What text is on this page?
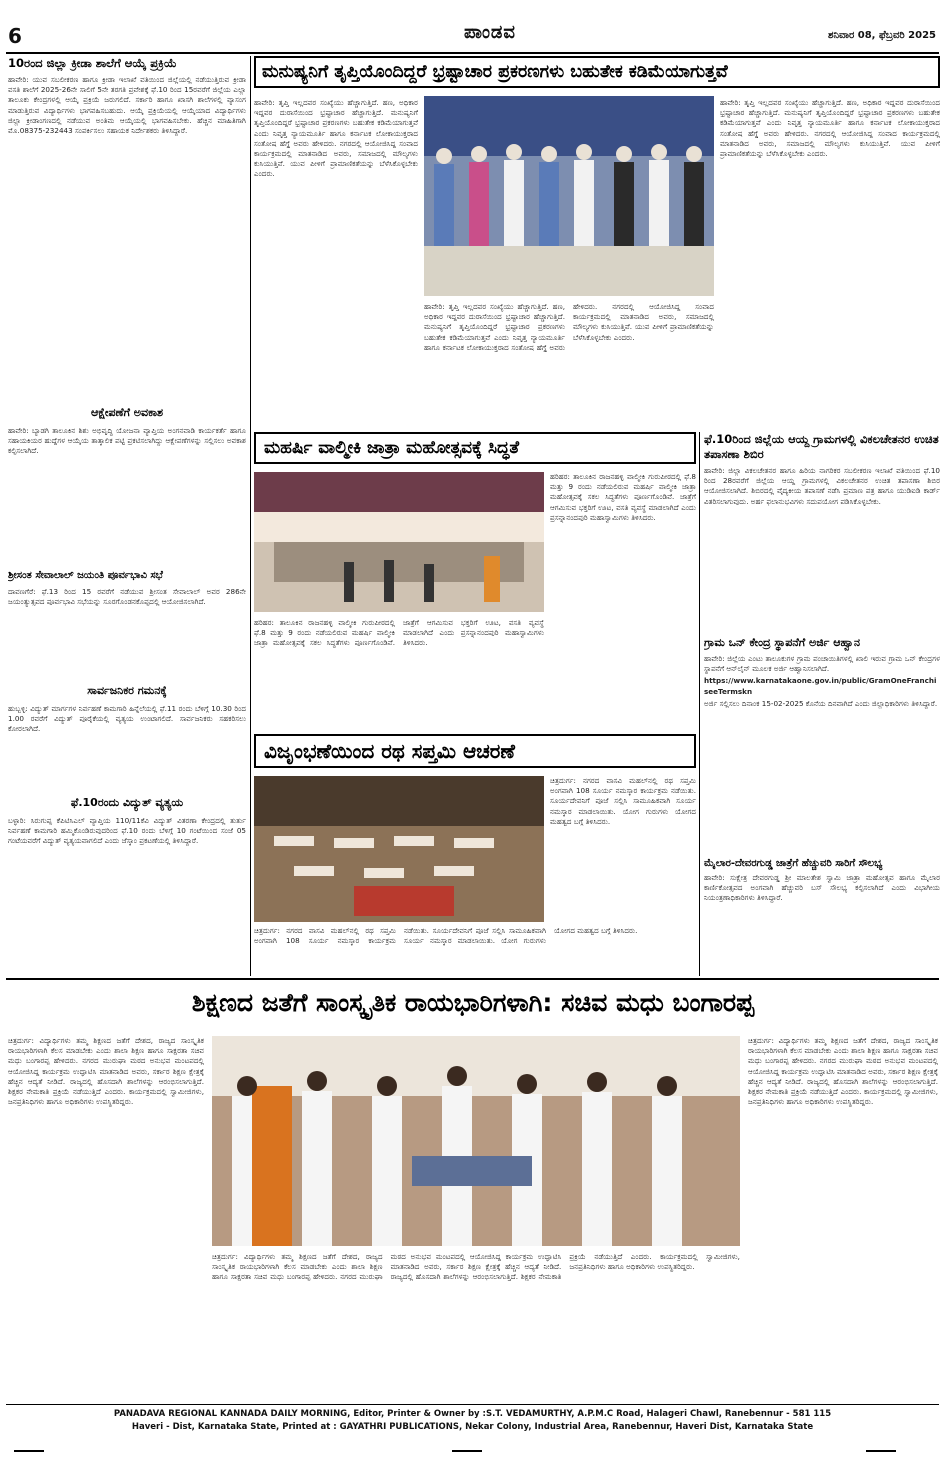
6	ಪಾಂಡವ	ಶನಿವಾರ 08, ಫೆಬ್ರವರಿ 2025
10ರಂದ ಜಿಲ್ಲಾ ಕ್ರೀಡಾ ಶಾಲೆಗೆ ಆಯ್ಕೆ ಪ್ರಕ್ರಿಯೆ
ಹಾವೇರಿ: ಯುವ ಸಬಲೀಕರಣ ಹಾಗೂ ಕ್ರೀಡಾ ಇಲಾಖೆ ವತಿಯಿಂದ ಜಿಲ್ಲೆಯಲ್ಲಿ ನಡೆಯುತ್ತಿರುವ ಕ್ರೀಡಾ ವಸತಿ ಶಾಲೆಗೆ 2025-26ನೇ ಸಾಲಿಗೆ 5ನೇ ತರಗತಿ ಪ್ರವೇಶಕ್ಕೆ ಫೆ.10 ರಿಂದ 15ರವರೆಗೆ ಜಿಲ್ಲೆಯ ಎಲ್ಲಾ ತಾಲೂಕು ಕೇಂದ್ರಗಳಲ್ಲಿ ಆಯ್ಕೆ ಪ್ರಕ್ರಿಯೆ ಜರುಗಲಿದೆ. ಸರ್ಕಾರಿ ಹಾಗೂ ಖಾಸಗಿ ಶಾಲೆಗಳಲ್ಲಿ ವ್ಯಾಸಂಗ ಮಾಡುತ್ತಿರುವ ವಿದ್ಯಾರ್ಥಿಗಳು ಭಾಗವಹಿಸಬಹುದು. ಆಯ್ಕೆ ಪ್ರಕ್ರಿಯೆಯಲ್ಲಿ ಆಯ್ಕೆಯಾದ ವಿದ್ಯಾರ್ಥಿಗಳು ಜಿಲ್ಲಾ ಕ್ರೀಡಾಂಗಣದಲ್ಲಿ ನಡೆಯುವ ಅಂತಿಮ ಆಯ್ಕೆಯಲ್ಲಿ ಭಾಗವಹಿಸಬೇಕು. ಹೆಚ್ಚಿನ ಮಾಹಿತಿಗಾಗಿ ಮೊ.08375-232443 ಸಂಪರ್ಕಿಸಲು ಸಹಾಯಕ ನಿರ್ದೇಶಕರು ತಿಳಿಸಿದ್ದಾರೆ.
ಆಕ್ಷೇಪಣೆಗೆ ಅವಕಾಶ
ಹಾವೇರಿ: ಬ್ಯಾಡಗಿ ತಾಲೂಕಿನ ಶಿಶು ಅಭಿವೃದ್ಧಿ ಯೋಜನಾ ವ್ಯಾಪ್ತಿಯ ಅಂಗನವಾಡಿ ಕಾರ್ಯಕರ್ತೆ ಹಾಗೂ ಸಹಾಯಕಿಯರ ಹುದ್ದೆಗಳ ಆಯ್ಕೆಯ ತಾತ್ಕಾಲಿಕ ಪಟ್ಟಿ ಪ್ರಕಟಿಸಲಾಗಿದ್ದು ಆಕ್ಷೇಪಣೆಗಳನ್ನು ಸಲ್ಲಿಸಲು ಅವಕಾಶ ಕಲ್ಪಿಸಲಾಗಿದೆ.
ಶ್ರೀಸಂತ ಸೇವಾಲಾಲ್ ಜಯಂತಿ ಪೂರ್ವಭಾವಿ ಸಭೆ
ದಾವಣಗೆರೆ: ಫೆ.13 ರಿಂದ 15 ರವರೆಗೆ ನಡೆಯುವ ಶ್ರೀಸಂತ ಸೇವಾಲಾಲ್ ಅವರ 286ನೇ ಜಯಂತ್ಯುತ್ಸವದ ಪೂರ್ವಭಾವಿ ಸಭೆಯನ್ನು ಸೂರಗೊಂಡನಕೊಪ್ಪದಲ್ಲಿ ಆಯೋಜಿಸಲಾಗಿದೆ.
ಸಾರ್ವಜನಿಕರ ಗಮನಕ್ಕೆ
ಹುಬ್ಬಳ್ಳಿ: ವಿದ್ಯುತ್ ಮಾರ್ಗಗಳ ನಿರ್ವಹಣೆ ಕಾಮಗಾರಿ ಹಿನ್ನೆಲೆಯಲ್ಲಿ ಫೆ.11 ರಂದು ಬೆಳಿಗ್ಗೆ 10.30 ರಿಂದ 1.00 ರವರೆಗೆ ವಿದ್ಯುತ್ ಪೂರೈಕೆಯಲ್ಲಿ ವ್ಯತ್ಯಯ ಉಂಟಾಗಲಿದೆ. ಸಾರ್ವಜನಿಕರು ಸಹಕರಿಸಲು ಕೋರಲಾಗಿದೆ.
ಫೆ.10ರಂದು ವಿದ್ಯುತ್ ವ್ಯತ್ಯಯ
ಬಳ್ಳಾರಿ: ಸಿರುಗುಪ್ಪ ಕೆಪಿಟಿಸಿಎಲ್ ವ್ಯಾಪ್ತಿಯ 110/11ಕೆವಿ ವಿದ್ಯುತ್ ವಿತರಣಾ ಕೇಂದ್ರದಲ್ಲಿ ತುರ್ತು ನಿರ್ವಹಣೆ ಕಾಮಗಾರಿ ಹಮ್ಮಿಕೊಂಡಿರುವುದರಿಂದ ಫೆ.10 ರಂದು ಬೆಳಿಗ್ಗೆ 10 ಗಂಟೆಯಿಂದ ಸಂಜೆ 05 ಗಂಟೆಯವರೆಗೆ ವಿದ್ಯುತ್ ವ್ಯತ್ಯಯವಾಗಲಿದೆ ಎಂದು ಜೆಸ್ಕಾಂ ಪ್ರಕಟಣೆಯಲ್ಲಿ ತಿಳಿಸಿದ್ದಾರೆ.
ಮನುಷ್ಯನಿಗೆ ತೃಪ್ತಿಯೊಂದಿದ್ದರೆ ಭ್ರಷ್ಟಾಚಾರ ಪ್ರಕರಣಗಳು ಬಹುತೇಕ ಕಡಿಮೆಯಾಗುತ್ತವೆ
ಹಾವೇರಿ: ತೃಪ್ತಿ ಇಲ್ಲದವರ ಸಂಖ್ಯೆಯು ಹೆಚ್ಚಾಗುತ್ತಿದೆ. ಹಣ, ಅಧಿಕಾರ ಇದ್ದವರ ದುರಾಸೆಯಿಂದ ಭ್ರಷ್ಟಾಚಾರ ಹೆಚ್ಚಾಗುತ್ತಿದೆ. ಮನುಷ್ಯನಿಗೆ ತೃಪ್ತಿಯೊಂದಿದ್ದರೆ ಭ್ರಷ್ಟಾಚಾರ ಪ್ರಕರಣಗಳು ಬಹುತೇಕ ಕಡಿಮೆಯಾಗುತ್ತವೆ ಎಂದು ನಿವೃತ್ತ ನ್ಯಾಯಮೂರ್ತಿ ಹಾಗೂ ಕರ್ನಾಟಕ ಲೋಕಾಯುಕ್ತರಾದ ಸಂತೋಷ ಹೆಗ್ಡೆ ಅವರು ಹೇಳಿದರು. ನಗರದಲ್ಲಿ ಆಯೋಜಿಸಿದ್ದ ಸಂವಾದ ಕಾರ್ಯಕ್ರಮದಲ್ಲಿ ಮಾತನಾಡಿದ ಅವರು, ಸಮಾಜದಲ್ಲಿ ಮೌಲ್ಯಗಳು ಕುಸಿಯುತ್ತಿವೆ. ಯುವ ಪೀಳಿಗೆ ಪ್ರಾಮಾಣಿಕತೆಯನ್ನು ಬೆಳೆಸಿಕೊಳ್ಳಬೇಕು ಎಂದರು.
ಹಾವೇರಿ: ತೃಪ್ತಿ ಇಲ್ಲದವರ ಸಂಖ್ಯೆಯು ಹೆಚ್ಚಾಗುತ್ತಿದೆ. ಹಣ, ಅಧಿಕಾರ ಇದ್ದವರ ದುರಾಸೆಯಿಂದ ಭ್ರಷ್ಟಾಚಾರ ಹೆಚ್ಚಾಗುತ್ತಿದೆ. ಮನುಷ್ಯನಿಗೆ ತೃಪ್ತಿಯೊಂದಿದ್ದರೆ ಭ್ರಷ್ಟಾಚಾರ ಪ್ರಕರಣಗಳು ಬಹುತೇಕ ಕಡಿಮೆಯಾಗುತ್ತವೆ ಎಂದು ನಿವೃತ್ತ ನ್ಯಾಯಮೂರ್ತಿ ಹಾಗೂ ಕರ್ನಾಟಕ ಲೋಕಾಯುಕ್ತರಾದ ಸಂತೋಷ ಹೆಗ್ಡೆ ಅವರು ಹೇಳಿದರು. ನಗರದಲ್ಲಿ ಆಯೋಜಿಸಿದ್ದ ಸಂವಾದ ಕಾರ್ಯಕ್ರಮದಲ್ಲಿ ಮಾತನಾಡಿದ ಅವರು, ಸಮಾಜದಲ್ಲಿ ಮೌಲ್ಯಗಳು ಕುಸಿಯುತ್ತಿವೆ. ಯುವ ಪೀಳಿಗೆ ಪ್ರಾಮಾಣಿಕತೆಯನ್ನು ಬೆಳೆಸಿಕೊಳ್ಳಬೇಕು ಎಂದರು.
ಹಾವೇರಿ: ತೃಪ್ತಿ ಇಲ್ಲದವರ ಸಂಖ್ಯೆಯು ಹೆಚ್ಚಾಗುತ್ತಿದೆ. ಹಣ, ಅಧಿಕಾರ ಇದ್ದವರ ದುರಾಸೆಯಿಂದ ಭ್ರಷ್ಟಾಚಾರ ಹೆಚ್ಚಾಗುತ್ತಿದೆ. ಮನುಷ್ಯನಿಗೆ ತೃಪ್ತಿಯೊಂದಿದ್ದರೆ ಭ್ರಷ್ಟಾಚಾರ ಪ್ರಕರಣಗಳು ಬಹುತೇಕ ಕಡಿಮೆಯಾಗುತ್ತವೆ ಎಂದು ನಿವೃತ್ತ ನ್ಯಾಯಮೂರ್ತಿ ಹಾಗೂ ಕರ್ನಾಟಕ ಲೋಕಾಯುಕ್ತರಾದ ಸಂತೋಷ ಹೆಗ್ಡೆ ಅವರು ಹೇಳಿದರು. ನಗರದಲ್ಲಿ ಆಯೋಜಿಸಿದ್ದ ಸಂವಾದ ಕಾರ್ಯಕ್ರಮದಲ್ಲಿ ಮಾತನಾಡಿದ ಅವರು, ಸಮಾಜದಲ್ಲಿ ಮೌಲ್ಯಗಳು ಕುಸಿಯುತ್ತಿವೆ. ಯುವ ಪೀಳಿಗೆ ಪ್ರಾಮಾಣಿಕತೆಯನ್ನು ಬೆಳೆಸಿಕೊಳ್ಳಬೇಕು ಎಂದರು.
ಮಹರ್ಷಿ ವಾಲ್ಮೀಕಿ ಜಾತ್ರಾ ಮಹೋತ್ಸವಕ್ಕೆ ಸಿದ್ಧತೆ
ಹರಿಹರ: ತಾಲೂಕಿನ ರಾಜನಹಳ್ಳಿ ವಾಲ್ಮೀಕಿ ಗುರುಪೀಠದಲ್ಲಿ ಫೆ.8 ಮತ್ತು 9 ರಂದು ನಡೆಯಲಿರುವ ಮಹರ್ಷಿ ವಾಲ್ಮೀಕಿ ಜಾತ್ರಾ ಮಹೋತ್ಸವಕ್ಕೆ ಸಕಲ ಸಿದ್ಧತೆಗಳು ಪೂರ್ಣಗೊಂಡಿವೆ. ಜಾತ್ರೆಗೆ ಆಗಮಿಸುವ ಭಕ್ತರಿಗೆ ಊಟ, ವಸತಿ ವ್ಯವಸ್ಥೆ ಮಾಡಲಾಗಿದೆ ಎಂದು ಪ್ರಸನ್ನಾನಂದಪುರಿ ಮಹಾಸ್ವಾಮಿಗಳು ತಿಳಿಸಿದರು.
ಹರಿಹರ: ತಾಲೂಕಿನ ರಾಜನಹಳ್ಳಿ ವಾಲ್ಮೀಕಿ ಗುರುಪೀಠದಲ್ಲಿ ಫೆ.8 ಮತ್ತು 9 ರಂದು ನಡೆಯಲಿರುವ ಮಹರ್ಷಿ ವಾಲ್ಮೀಕಿ ಜಾತ್ರಾ ಮಹೋತ್ಸವಕ್ಕೆ ಸಕಲ ಸಿದ್ಧತೆಗಳು ಪೂರ್ಣಗೊಂಡಿವೆ. ಜಾತ್ರೆಗೆ ಆಗಮಿಸುವ ಭಕ್ತರಿಗೆ ಊಟ, ವಸತಿ ವ್ಯವಸ್ಥೆ ಮಾಡಲಾಗಿದೆ ಎಂದು ಪ್ರಸನ್ನಾನಂದಪುರಿ ಮಹಾಸ್ವಾಮಿಗಳು ತಿಳಿಸಿದರು.
ವಿಜೃಂಭಣೆಯಿಂದ ರಥ ಸಪ್ತಮಿ ಆಚರಣೆ
ಚಿತ್ರದುರ್ಗ: ನಗರದ ವಾಸವಿ ಮಹಲ್‌ನಲ್ಲಿ ರಥ ಸಪ್ತಮಿ ಅಂಗವಾಗಿ 108 ಸೂರ್ಯ ನಮಸ್ಕಾರ ಕಾರ್ಯಕ್ರಮ ನಡೆಯಿತು. ಸೂರ್ಯದೇವನಿಗೆ ಪೂಜೆ ಸಲ್ಲಿಸಿ ಸಾಮೂಹಿಕವಾಗಿ ಸೂರ್ಯ ನಮಸ್ಕಾರ ಮಾಡಲಾಯಿತು. ಯೋಗ ಗುರುಗಳು ಯೋಗದ ಮಹತ್ವದ ಬಗ್ಗೆ ತಿಳಿಸಿದರು.
ಚಿತ್ರದುರ್ಗ: ನಗರದ ವಾಸವಿ ಮಹಲ್‌ನಲ್ಲಿ ರಥ ಸಪ್ತಮಿ ಅಂಗವಾಗಿ 108 ಸೂರ್ಯ ನಮಸ್ಕಾರ ಕಾರ್ಯಕ್ರಮ ನಡೆಯಿತು. ಸೂರ್ಯದೇವನಿಗೆ ಪೂಜೆ ಸಲ್ಲಿಸಿ ಸಾಮೂಹಿಕವಾಗಿ ಸೂರ್ಯ ನಮಸ್ಕಾರ ಮಾಡಲಾಯಿತು. ಯೋಗ ಗುರುಗಳು ಯೋಗದ ಮಹತ್ವದ ಬಗ್ಗೆ ತಿಳಿಸಿದರು.
ಫೆ.10ರಿಂದ ಜಿಲ್ಲೆಯ ಆಯ್ದ ಗ್ರಾಮಗಳಲ್ಲಿ ವಿಕಲಚೇತನರ ಉಚಿತ ತಪಾಸಣಾ ಶಿಬಿರ
ಹಾವೇರಿ: ಜಿಲ್ಲಾ ವಿಕಲಚೇತನರ ಹಾಗೂ ಹಿರಿಯ ನಾಗರಿಕರ ಸಬಲೀಕರಣ ಇಲಾಖೆ ವತಿಯಿಂದ ಫೆ.10 ರಿಂದ 28ರವರೆಗೆ ಜಿಲ್ಲೆಯ ಆಯ್ದ ಗ್ರಾಮಗಳಲ್ಲಿ ವಿಕಲಚೇತನರ ಉಚಿತ ತಪಾಸಣಾ ಶಿಬಿರ ಆಯೋಜಿಸಲಾಗಿದೆ. ಶಿಬಿರದಲ್ಲಿ ವೈದ್ಯಕೀಯ ತಪಾಸಣೆ ನಡೆಸಿ ಪ್ರಮಾಣ ಪತ್ರ ಹಾಗೂ ಯುಡಿಐಡಿ ಕಾರ್ಡ್ ವಿತರಿಸಲಾಗುವುದು. ಅರ್ಹ ಫಲಾನುಭವಿಗಳು ಸದುಪಯೋಗ ಪಡಿಸಿಕೊಳ್ಳಬೇಕು.
ಗ್ರಾಮ ಒನ್ ಕೇಂದ್ರ ಸ್ಥಾಪನೆಗೆ ಅರ್ಜಿ ಆಹ್ವಾನ
ಹಾವೇರಿ: ಜಿಲ್ಲೆಯ ಎಂಟು ತಾಲೂಕುಗಳ ಗ್ರಾಮ ಪಂಚಾಯಿತಿಗಳಲ್ಲಿ ಖಾಲಿ ಇರುವ ಗ್ರಾಮ ಒನ್ ಕೇಂದ್ರಗಳ ಸ್ಥಾಪನೆಗೆ ಆನ್‌ಲೈನ್ ಮೂಲಕ ಅರ್ಜಿ ಆಹ್ವಾನಿಸಲಾಗಿದೆ.
https://www.karnatakaone.gov.in/public/GramOneFranchiseeTermskn
ಅರ್ಜಿ ಸಲ್ಲಿಸಲು ದಿನಾಂಕ 15-02-2025 ಕೊನೆಯ ದಿನವಾಗಿದೆ ಎಂದು ಜಿಲ್ಲಾಧಿಕಾರಿಗಳು ತಿಳಿಸಿದ್ದಾರೆ.
ಮೈಲಾರ-ದೇವರಗುಡ್ಡ ಜಾತ್ರೆಗೆ ಹೆಚ್ಚುವರಿ ಸಾರಿಗೆ ಸೌಲಭ್ಯ
ಹಾವೇರಿ: ಸುಕ್ಷೇತ್ರ ದೇವರಗುಡ್ಡ ಶ್ರೀ ಮಾಲತೇಶ ಸ್ವಾಮಿ ಜಾತ್ರಾ ಮಹೋತ್ಸವ ಹಾಗೂ ಮೈಲಾರ ಕಾರ್ಣಿಕೋತ್ಸವದ ಅಂಗವಾಗಿ ಹೆಚ್ಚುವರಿ ಬಸ್ ಸೌಲಭ್ಯ ಕಲ್ಪಿಸಲಾಗಿದೆ ಎಂದು ವಿಭಾಗೀಯ ನಿಯಂತ್ರಣಾಧಿಕಾರಿಗಳು ತಿಳಿಸಿದ್ದಾರೆ.
ಶಿಕ್ಷಣದ ಜತೆಗೆ ಸಾಂಸ್ಕೃತಿಕ ರಾಯಭಾರಿಗಳಾಗಿ: ಸಚಿವ ಮಧು ಬಂಗಾರಪ್ಪ
ಚಿತ್ರದುರ್ಗ: ವಿದ್ಯಾರ್ಥಿಗಳು ತಮ್ಮ ಶಿಕ್ಷಣದ ಜತೆಗೆ ದೇಶದ, ರಾಜ್ಯದ ಸಾಂಸ್ಕೃತಿಕ ರಾಯಭಾರಿಗಳಾಗಿ ಕೆಲಸ ಮಾಡಬೇಕು ಎಂದು ಶಾಲಾ ಶಿಕ್ಷಣ ಹಾಗೂ ಸಾಕ್ಷರತಾ ಸಚಿವ ಮಧು ಬಂಗಾರಪ್ಪ ಹೇಳಿದರು. ನಗರದ ಮುರುಘಾ ಮಠದ ಅನುಭವ ಮಂಟಪದಲ್ಲಿ ಆಯೋಜಿಸಿದ್ದ ಕಾರ್ಯಕ್ರಮ ಉದ್ಘಾಟಿಸಿ ಮಾತನಾಡಿದ ಅವರು, ಸರ್ಕಾರ ಶಿಕ್ಷಣ ಕ್ಷೇತ್ರಕ್ಕೆ ಹೆಚ್ಚಿನ ಆದ್ಯತೆ ನೀಡಿದೆ. ರಾಜ್ಯದಲ್ಲಿ ಹೊಸದಾಗಿ ಶಾಲೆಗಳನ್ನು ಆರಂಭಿಸಲಾಗುತ್ತಿದೆ. ಶಿಕ್ಷಕರ ನೇಮಕಾತಿ ಪ್ರಕ್ರಿಯೆ ನಡೆಯುತ್ತಿದೆ ಎಂದರು. ಕಾರ್ಯಕ್ರಮದಲ್ಲಿ ಸ್ವಾಮೀಜಿಗಳು, ಜನಪ್ರತಿನಿಧಿಗಳು ಹಾಗೂ ಅಧಿಕಾರಿಗಳು ಉಪಸ್ಥಿತರಿದ್ದರು.
ಚಿತ್ರದುರ್ಗ: ವಿದ್ಯಾರ್ಥಿಗಳು ತಮ್ಮ ಶಿಕ್ಷಣದ ಜತೆಗೆ ದೇಶದ, ರಾಜ್ಯದ ಸಾಂಸ್ಕೃತಿಕ ರಾಯಭಾರಿಗಳಾಗಿ ಕೆಲಸ ಮಾಡಬೇಕು ಎಂದು ಶಾಲಾ ಶಿಕ್ಷಣ ಹಾಗೂ ಸಾಕ್ಷರತಾ ಸಚಿವ ಮಧು ಬಂಗಾರಪ್ಪ ಹೇಳಿದರು. ನಗರದ ಮುರುಘಾ ಮಠದ ಅನುಭವ ಮಂಟಪದಲ್ಲಿ ಆಯೋಜಿಸಿದ್ದ ಕಾರ್ಯಕ್ರಮ ಉದ್ಘಾಟಿಸಿ ಮಾತನಾಡಿದ ಅವರು, ಸರ್ಕಾರ ಶಿಕ್ಷಣ ಕ್ಷೇತ್ರಕ್ಕೆ ಹೆಚ್ಚಿನ ಆದ್ಯತೆ ನೀಡಿದೆ. ರಾಜ್ಯದಲ್ಲಿ ಹೊಸದಾಗಿ ಶಾಲೆಗಳನ್ನು ಆರಂಭಿಸಲಾಗುತ್ತಿದೆ. ಶಿಕ್ಷಕರ ನೇಮಕಾತಿ ಪ್ರಕ್ರಿಯೆ ನಡೆಯುತ್ತಿದೆ ಎಂದರು. ಕಾರ್ಯಕ್ರಮದಲ್ಲಿ ಸ್ವಾಮೀಜಿಗಳು, ಜನಪ್ರತಿನಿಧಿಗಳು ಹಾಗೂ ಅಧಿಕಾರಿಗಳು ಉಪಸ್ಥಿತರಿದ್ದರು.
ಚಿತ್ರದುರ್ಗ: ವಿದ್ಯಾರ್ಥಿಗಳು ತಮ್ಮ ಶಿಕ್ಷಣದ ಜತೆಗೆ ದೇಶದ, ರಾಜ್ಯದ ಸಾಂಸ್ಕೃತಿಕ ರಾಯಭಾರಿಗಳಾಗಿ ಕೆಲಸ ಮಾಡಬೇಕು ಎಂದು ಶಾಲಾ ಶಿಕ್ಷಣ ಹಾಗೂ ಸಾಕ್ಷರತಾ ಸಚಿವ ಮಧು ಬಂಗಾರಪ್ಪ ಹೇಳಿದರು. ನಗರದ ಮುರುಘಾ ಮಠದ ಅನುಭವ ಮಂಟಪದಲ್ಲಿ ಆಯೋಜಿಸಿದ್ದ ಕಾರ್ಯಕ್ರಮ ಉದ್ಘಾಟಿಸಿ ಮಾತನಾಡಿದ ಅವರು, ಸರ್ಕಾರ ಶಿಕ್ಷಣ ಕ್ಷೇತ್ರಕ್ಕೆ ಹೆಚ್ಚಿನ ಆದ್ಯತೆ ನೀಡಿದೆ. ರಾಜ್ಯದಲ್ಲಿ ಹೊಸದಾಗಿ ಶಾಲೆಗಳನ್ನು ಆರಂಭಿಸಲಾಗುತ್ತಿದೆ. ಶಿಕ್ಷಕರ ನೇಮಕಾತಿ ಪ್ರಕ್ರಿಯೆ ನಡೆಯುತ್ತಿದೆ ಎಂದರು. ಕಾರ್ಯಕ್ರಮದಲ್ಲಿ ಸ್ವಾಮೀಜಿಗಳು, ಜನಪ್ರತಿನಿಧಿಗಳು ಹಾಗೂ ಅಧಿಕಾರಿಗಳು ಉಪಸ್ಥಿತರಿದ್ದರು.
PANADAVA REGIONAL KANNADA DAILY MORNING, Editor, Printer & Owner by :S.T. VEDAMURTHY, A.P.M.C Road, Halageri Chawl, Ranebennur - 581 115
Haveri - Dist, Karnataka State, Printed at : GAYATHRI PUBLICATIONS, Nekar Colony, Industrial Area, Ranebennur, Haveri Dist, Karnataka State
